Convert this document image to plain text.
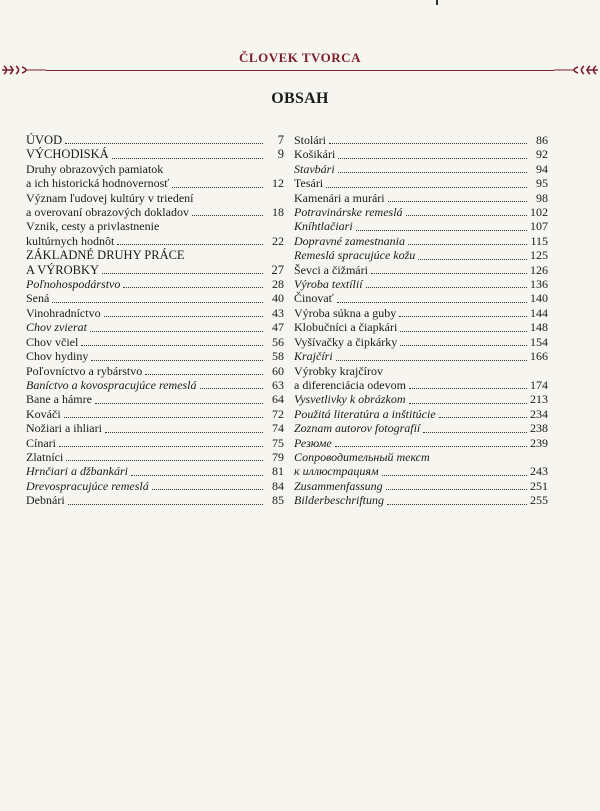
ČLOVEK TVORCA
OBSAH
ÚVOD	7
VÝCHODISKÁ	9
Druhy obrazových pamiatok
a ich historická hodnovernosť	12
Význam ľudovej kultúry v triedení
a overovaní obrazových dokladov	18
Vznik, cesty a privlastnenie
kultúrnych hodnôt	22
ZÁKLADNÉ DRUHY PRÁCE
A VÝROBKY	27
Poľnohospodárstvo	28
Sená	40
Vinohradníctvo	43
Chov zvierat	47
Chov včiel	56
Chov hydiny	58
Poľovníctvo a rybárstvo	60
Baníctvo a kovospracujúce remeslá	63
Bane a hámre	64
Kováči	72
Nožiari a ihliari	74
Cínari	75
Zlatníci	79
Hrnčiari a džbankári	81
Drevospracujúce remeslá	84
Debnári	85
Stolári	86
Košikári	92
Stavbári	94
Tesári	95
Kamenári a murári	98
Potravinárske remeslá	102
Kníhtlačiari	107
Dopravné zamestnania	115
Remeslá spracujúce kožu	125
Ševci a čižmári	126
Výroba textílií	136
Činovať	140
Výroba súkna a guby	144
Klobučníci a čiapkári	148
Vyšívačky a čipkárky	154
Krajčíri	166
Výrobky krajčírov
a diferenciácia odevom	174
Vysvetlivky k obrázkom	213
Použitá literatúra a inštitúcie	234
Zoznam autorov fotografií	238
Резюме	239
Сопроводительный текст
к иллюстрациям	243
Zusammenfassung	251
Bilderbeschriftung	255
